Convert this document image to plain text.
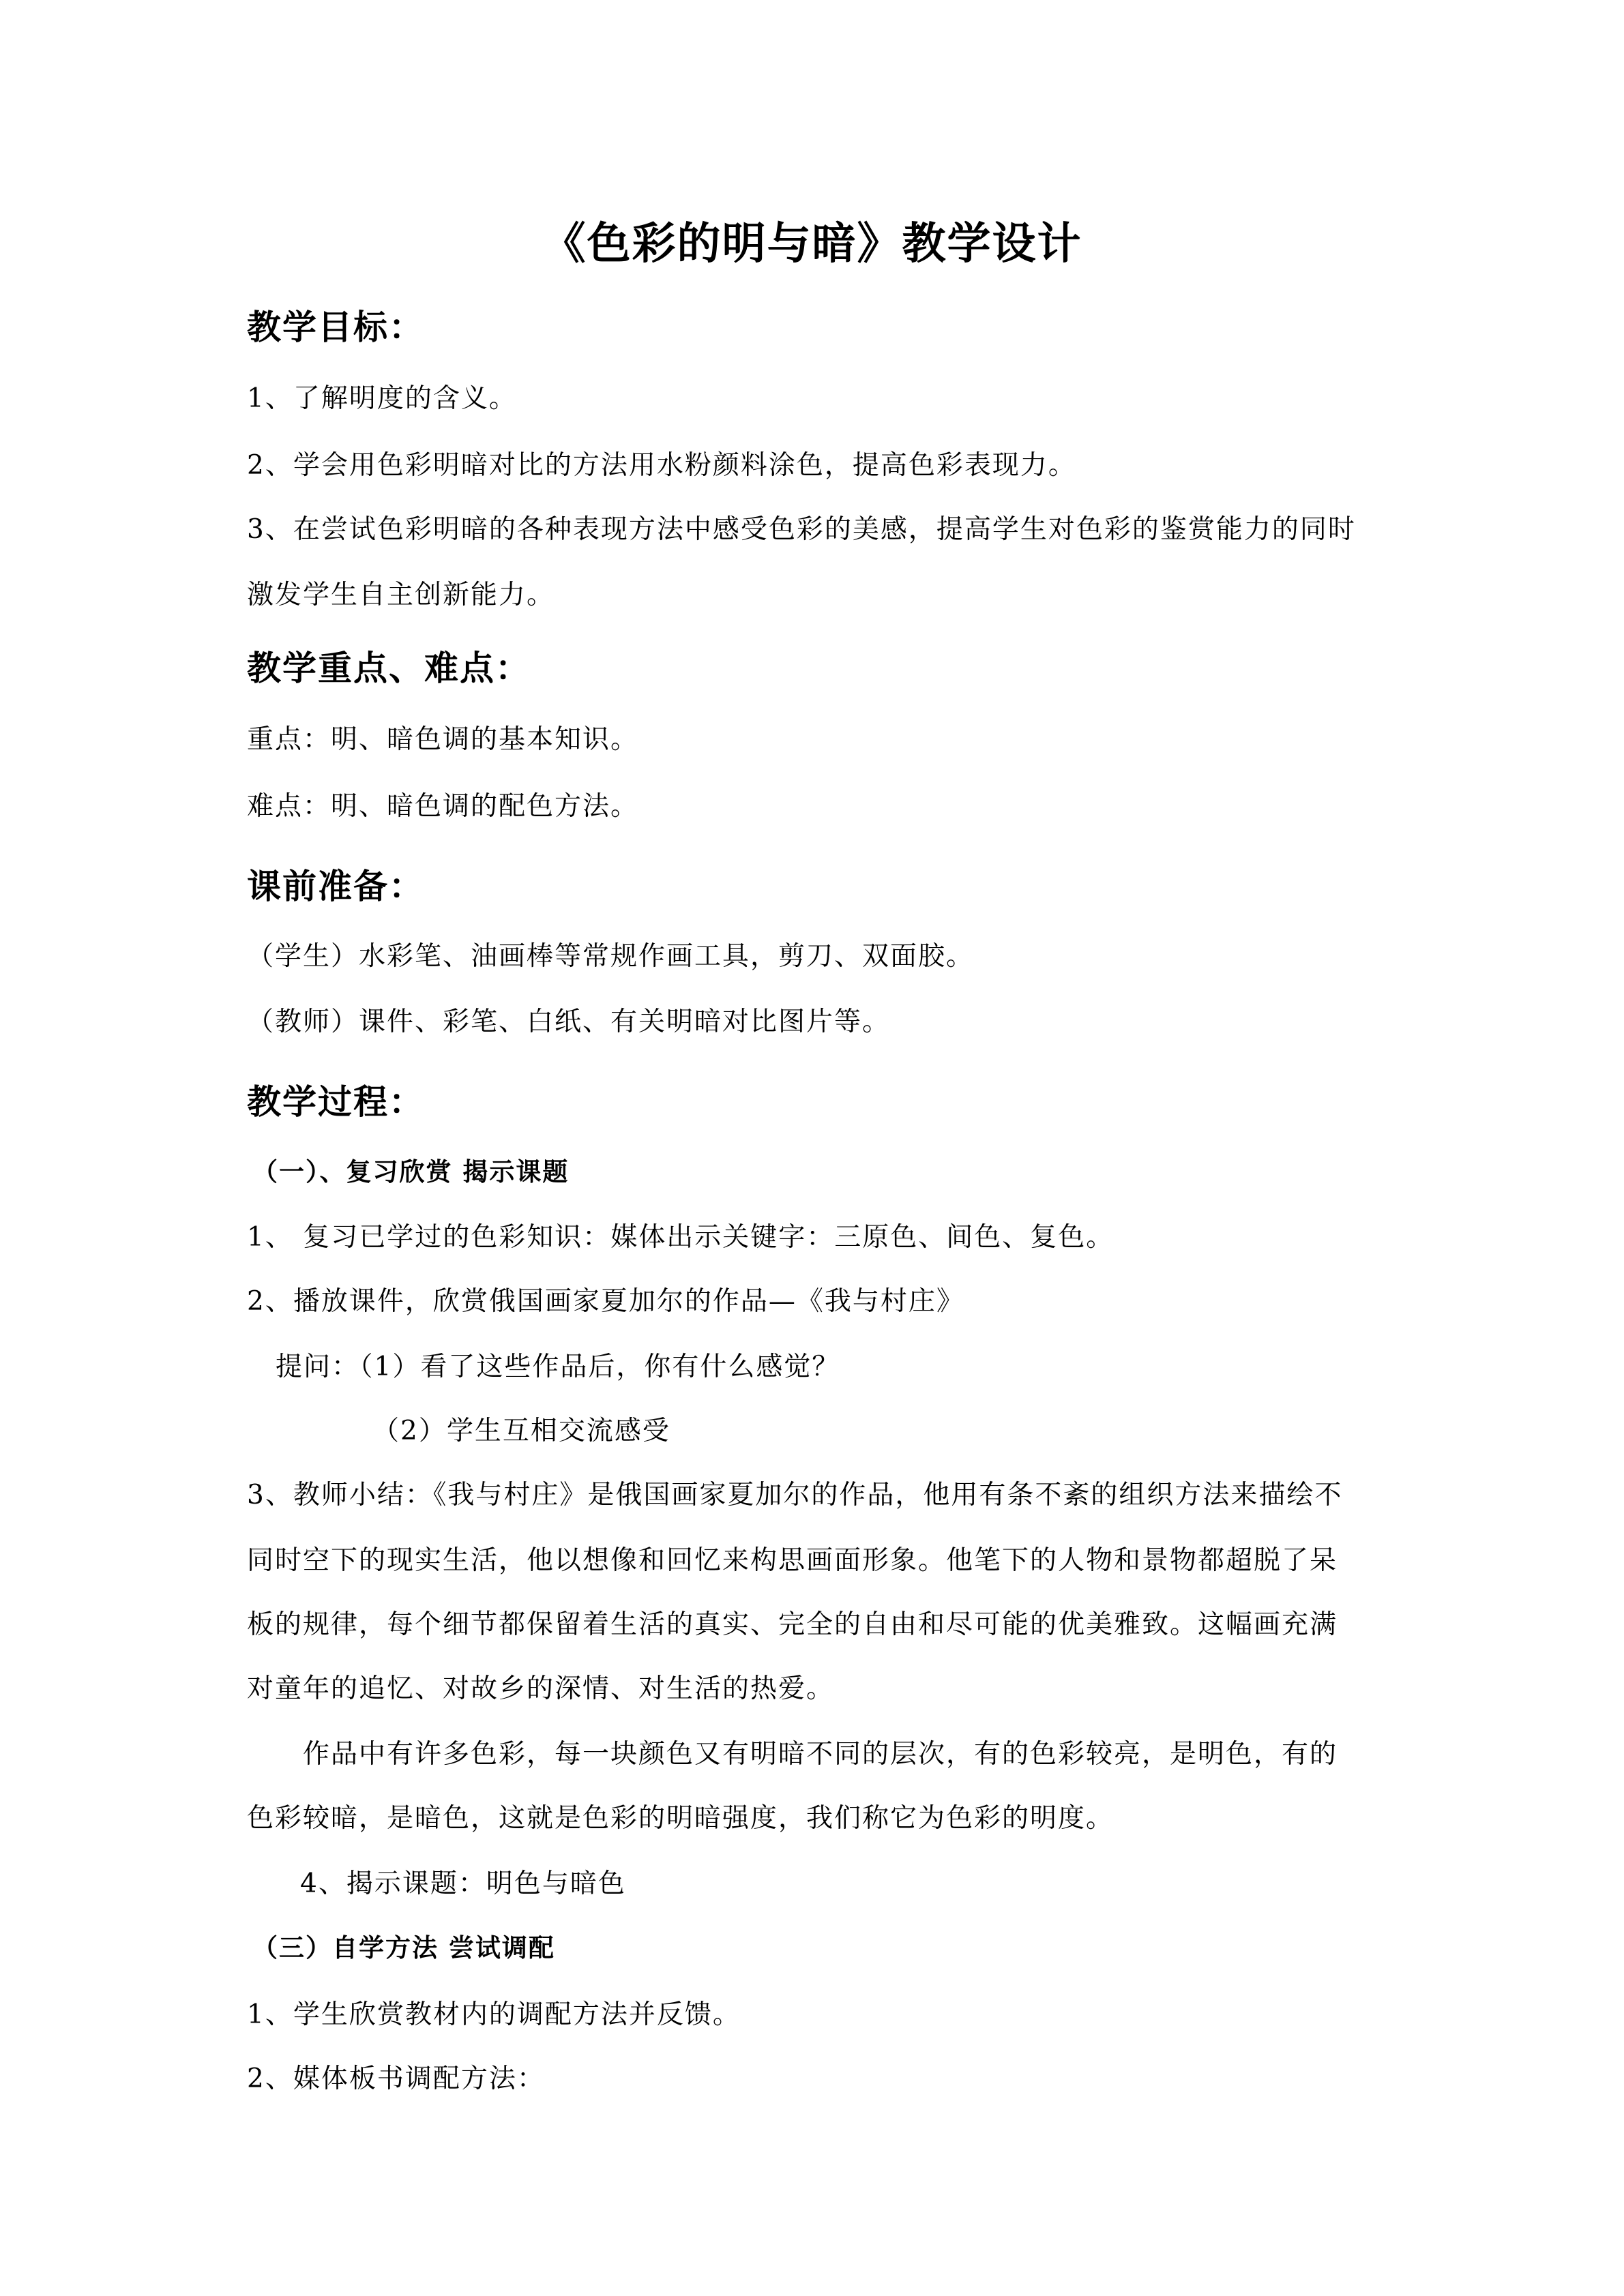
《色彩的明与暗》教学设计
教学目标：
1、了解明度的含义。
2、学会用色彩明暗对比的方法用水粉颜料涂色，提高色彩表现力。
3、在尝试色彩明暗的各种表现方法中感受色彩的美感，提高学生对色彩的鉴赏能力的同时
激发学生自主创新能力。
教学重点、难点：
重点：明、暗色调的基本知识。
难点：明、暗色调的配色方法。
课前准备：
（学生）水彩笔、油画棒等常规作画工具，剪刀、双面胶。
（教师）课件、彩笔、白纸、有关明暗对比图片等。
教学过程：
（一）、复习欣赏 揭示课题
1、 复习已学过的色彩知识：媒体出示关键字：三原色、间色、复色。
2、播放课件，欣赏俄国画家夏加尔的作品—《我与村庄》
提问：（1）看了这些作品后，你有什么感觉？
（2）学生互相交流感受
3、教师小结：《我与村庄》是俄国画家夏加尔的作品，他用有条不紊的组织方法来描绘不
同时空下的现实生活，他以想像和回忆来构思画面形象。他笔下的人物和景物都超脱了呆
板的规律，每个细节都保留着生活的真实、完全的自由和尽可能的优美雅致。这幅画充满
对童年的追忆、对故乡的深情、对生活的热爱。
作品中有许多色彩，每一块颜色又有明暗不同的层次，有的色彩较亮，是明色，有的
色彩较暗，是暗色，这就是色彩的明暗强度，我们称它为色彩的明度。
4、揭示课题：明色与暗色
（三）自学方法 尝试调配
1、学生欣赏教材内的调配方法并反馈。
2、媒体板书调配方法：
